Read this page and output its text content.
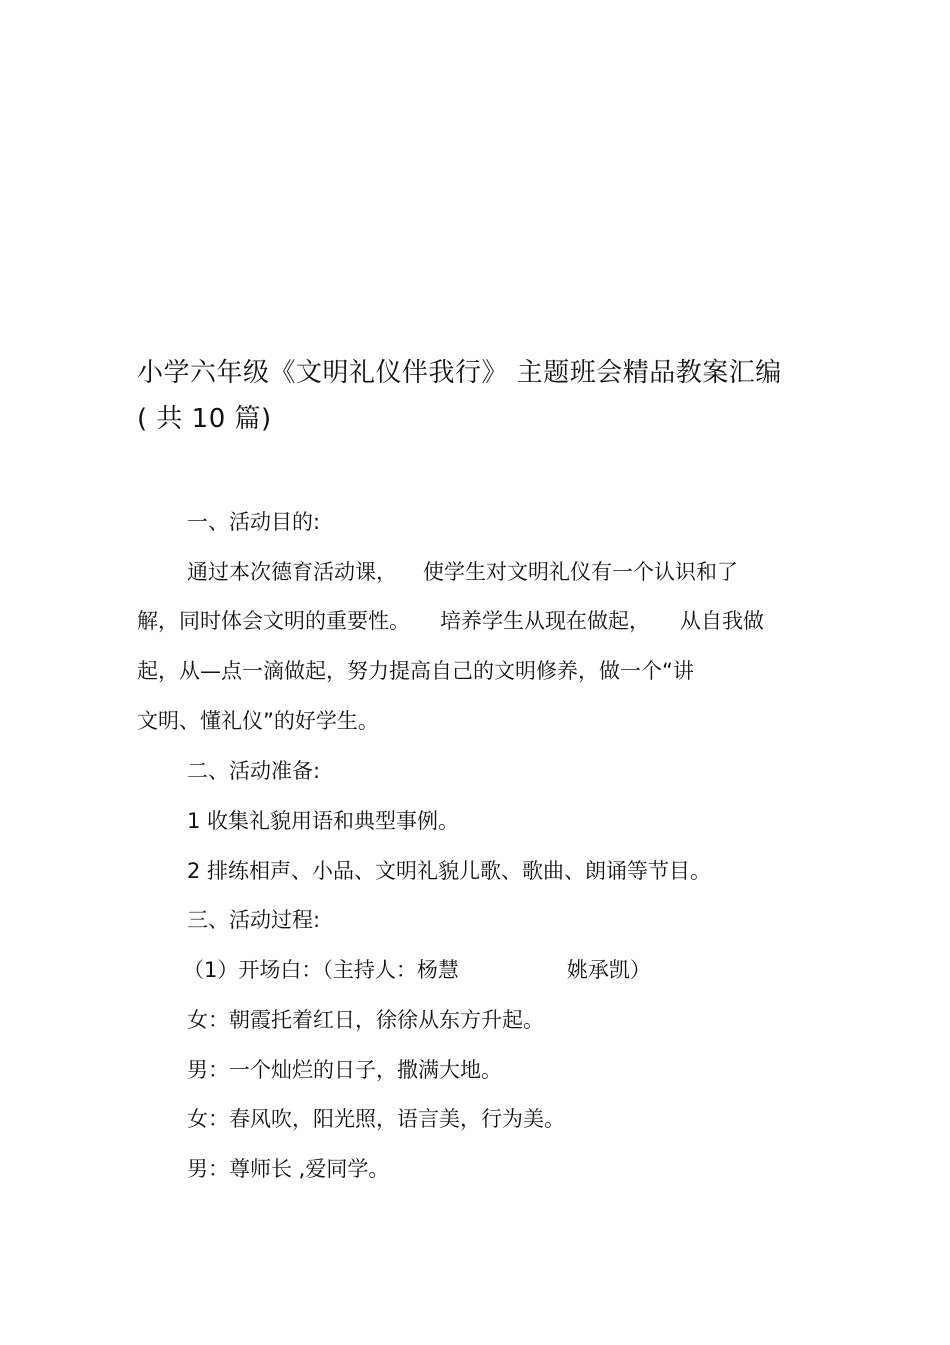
小学六年级《文明礼仪伴我行》 主题班会精品教案汇编
( 共 10 篇)
一、活动目的:
通过本次德育活动课， 使学生对文明礼仪有一个认识和了
解，同时体会文明的重要性。 培养学生从现在做起， 从自我做
起，从—点一滴做起，努力提高自己的文明修养，做一个“讲
文明、懂礼仪”的好学生。
二、活动准备:
1 收集礼貌用语和典型事例。
2 排练相声、小品、文明礼貌儿歌、歌曲、朗诵等节目。
三、活动过程:
（1）开场白：（主持人：杨慧	姚承凯）
女：朝霞托着红日，徐徐从东方升起。
男：一个灿烂的日子，撒满大地。
女：春风吹，阳光照，语言美，行为美。
男：尊师长 ,爱同学。
